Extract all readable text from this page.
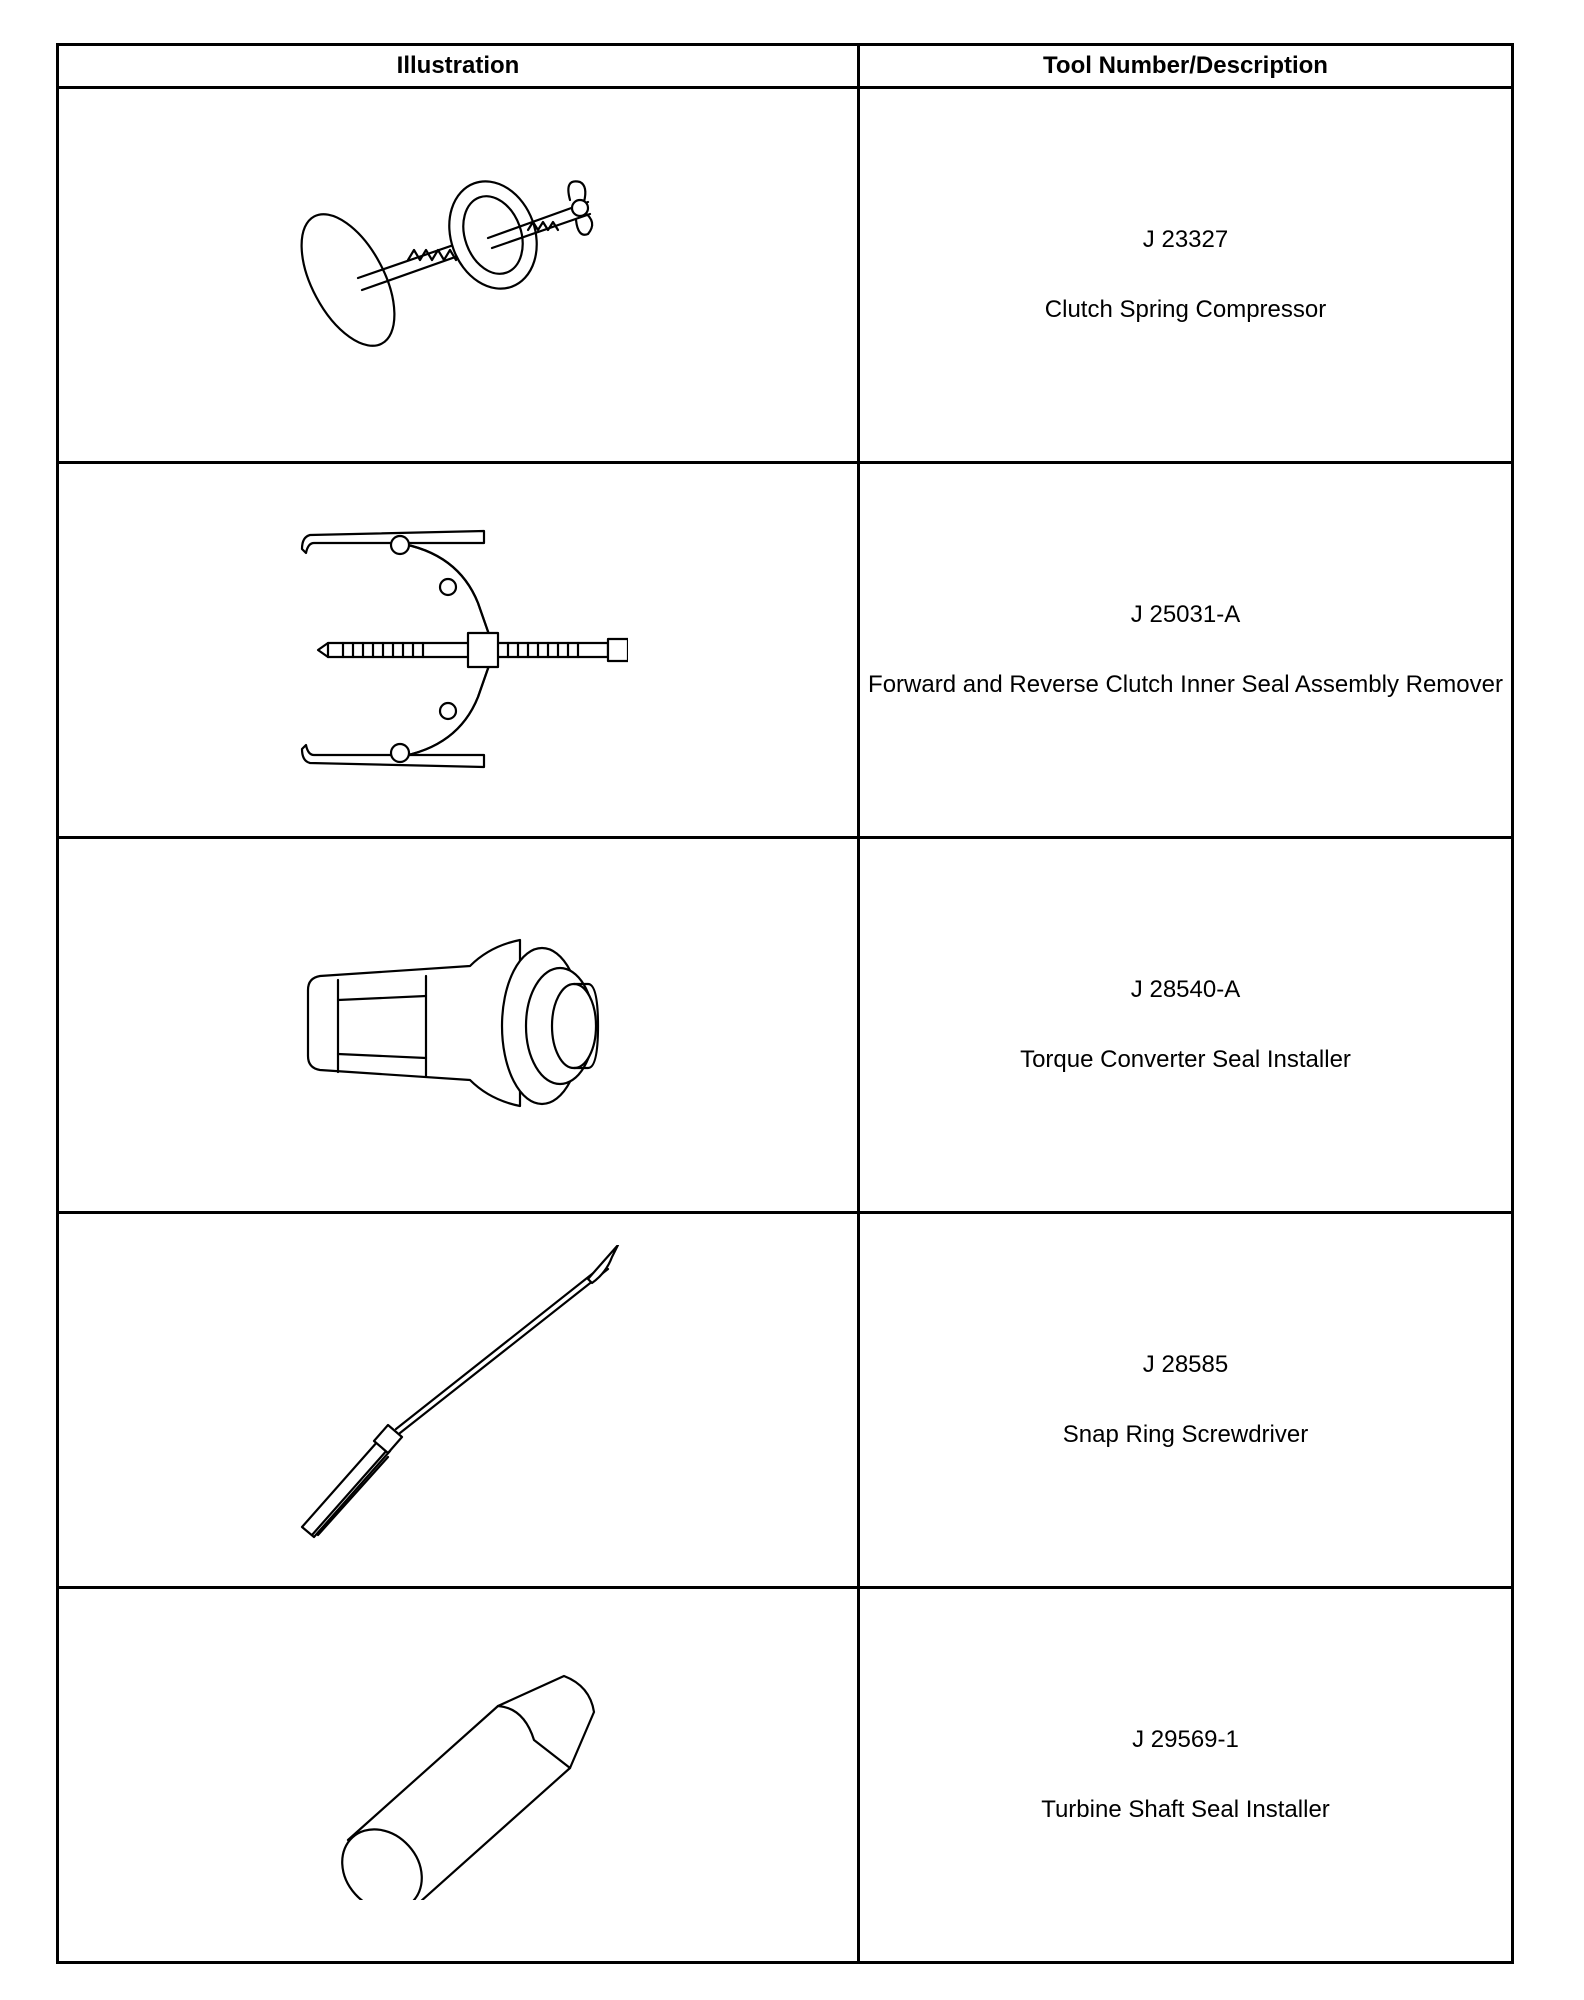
Illustration	Tool Number/Description
J 23327
Clutch Spring Compressor
J 25031-A
Forward and Reverse Clutch Inner Seal Assembly Remover
J 28540-A
Torque Converter Seal Installer
J 28585
Snap Ring Screwdriver
J 29569-1
Turbine Shaft Seal Installer
